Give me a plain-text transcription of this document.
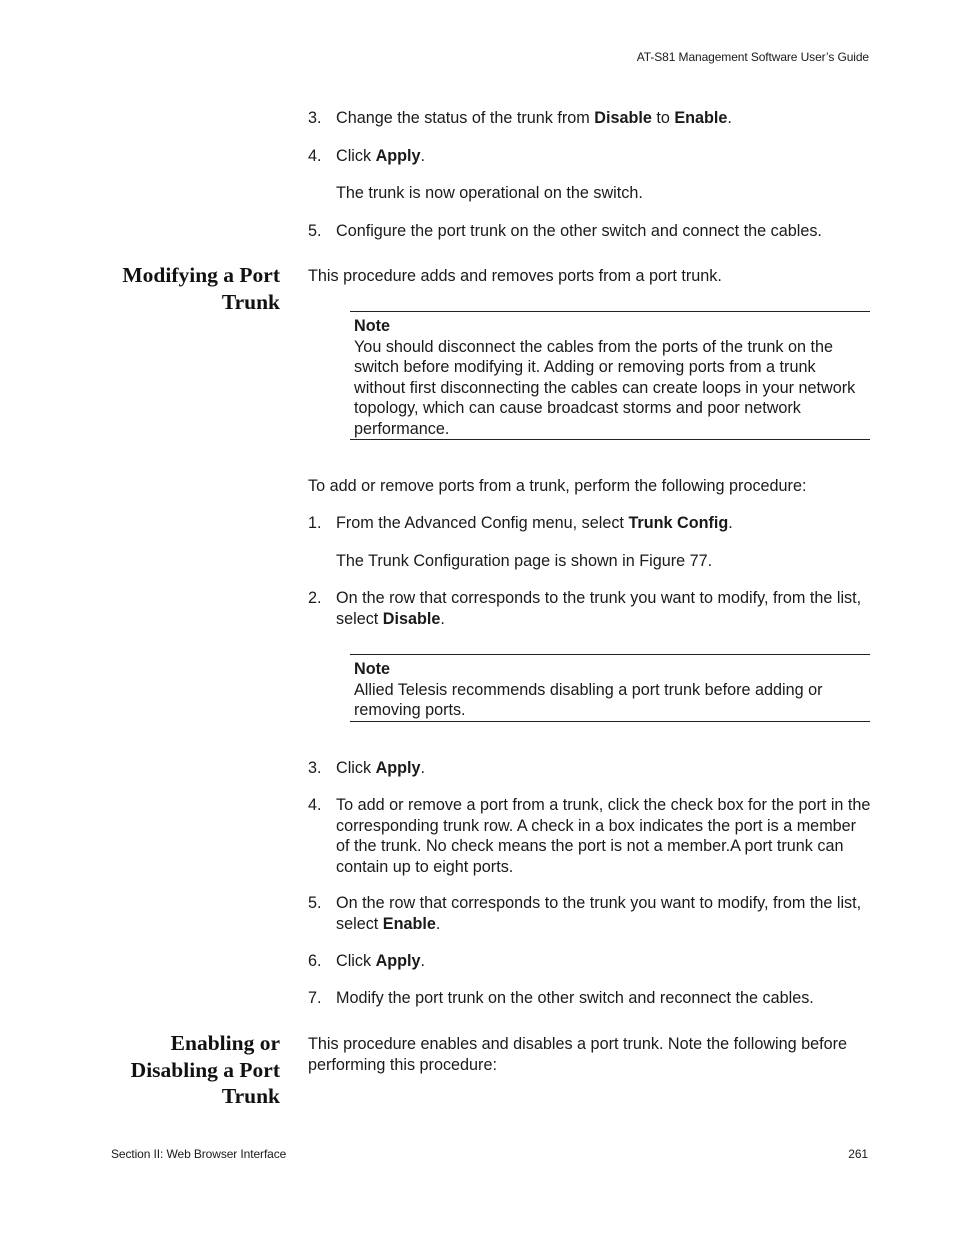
AT-S81 Management Software User’s Guide
3. Change the status of the trunk from Disable to Enable.
4. Click Apply.
The trunk is now operational on the switch.
5. Configure the port trunk on the other switch and connect the cables.
Modifying a Port
Trunk
This procedure adds and removes ports from a port trunk.
Note
You should disconnect the cables from the ports of the trunk on the switch before modifying it. Adding or removing ports from a trunk without first disconnecting the cables can create loops in your network topology, which can cause broadcast storms and poor network performance.
To add or remove ports from a trunk, perform the following procedure:
1. From the Advanced Config menu, select Trunk Config.
The Trunk Configuration page is shown in Figure 77.
2. On the row that corresponds to the trunk you want to modify, from the list, select Disable.
Note
Allied Telesis recommends disabling a port trunk before adding or removing ports.
3. Click Apply.
4. To add or remove a port from a trunk, click the check box for the port in the corresponding trunk row. A check in a box indicates the port is a member of the trunk. No check means the port is not a member.A port trunk can contain up to eight ports.
5. On the row that corresponds to the trunk you want to modify, from the list, select Enable.
6. Click Apply.
7. Modify the port trunk on the other switch and reconnect the cables.
Enabling or
Disabling a Port
Trunk
This procedure enables and disables a port trunk. Note the following before performing this procedure:
Section II: Web Browser Interface	261
